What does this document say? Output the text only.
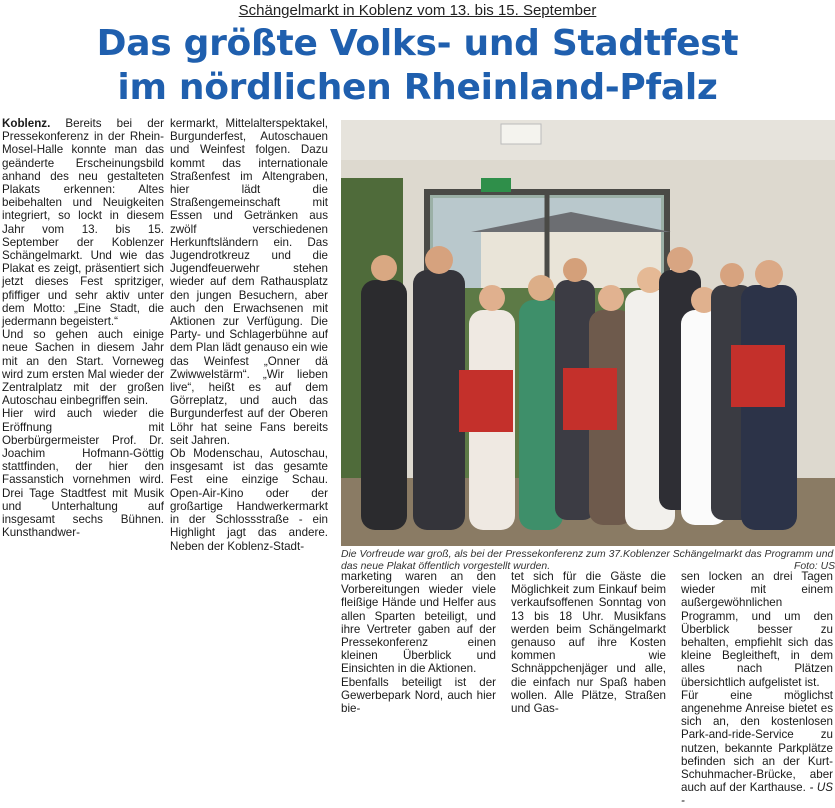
Schängelmarkt in Koblenz vom 13. bis 15. September
Das größte Volks- und Stadtfest
im nördlichen Rheinland-Pfalz

Koblenz. Bereits bei der Pressekonferenz in der Rhein-Mosel-Halle konnte man das geänderte Erscheinungsbild anhand des neu gestalteten Plakats erkennen: Altes beibehalten und Neuigkeiten integriert, so lockt in diesem Jahr vom 13. bis 15. September der Koblenzer Schängelmarkt. Und wie das Plakat es zeigt, präsentiert sich jetzt dieses Fest spritziger, pfiffiger und sehr aktiv unter dem Motto: „Eine Stadt, die jedermann begeistert.“

Und so gehen auch einige neue Sachen in diesem Jahr mit an den Start. Vorneweg wird zum ersten Mal wieder der Zentralplatz mit der großen Autoschau einbegriffen sein.

Hier wird auch wieder die Eröffnung mit Oberbürgermeister Prof. Dr. Joachim Hofmann-Göttig stattfinden, der hier den Fassanstich vornehmen wird. Drei Tage Stadtfest mit Musik und Unterhaltung auf insgesamt sechs Bühnen. Kunsthandwer-

kermarkt, Mittelalterspektakel, Burgunderfest, Autoschauen und Weinfest folgen. Dazu kommt das internationale Straßenfest im Altengraben, hier lädt die Straßengemeinschaft mit Essen und Getränken aus zwölf verschiedenen Herkunftsländern ein. Das Jugendrotkreuz und die Jugendfeuerwehr stehen wieder auf dem Rathausplatz den jungen Besuchern, aber auch den Erwachsenen mit Aktionen zur Verfügung. Die Party- und Schlagerbühne auf dem Plan lädt genauso ein wie das Weinfest „Onner dä Zwiwwelstärm“. „Wir lieben live“, heißt es auf dem Görreplatz, und auch das Burgunderfest auf der Oberen Löhr hat seine Fans bereits seit Jahren.

Ob Modenschau, Autoschau, insgesamt ist das gesamte Fest eine einzige Schau. Open-Air-Kino oder der großartige Handwerkermarkt in der Schlossstraße - ein Highlight jagt das andere. Neben der Koblenz-Stadt-

Die Vorfreude war groß, als bei der Pressekonferenz zum 37.Koblenzer Schängelmarkt das Programm und das neue Plakat öffentlich vorgestellt wurden.	Foto: US

marketing waren an den Vorbereitungen wieder viele fleißige Hände und Helfer aus allen Sparten beteiligt, und ihre Vertreter gaben auf der Pressekonferenz einen kleinen Überblick und Einsichten in die Aktionen.

Ebenfalls beteiligt ist der Gewerbepark Nord, auch hier bie-

tet sich für die Gäste die Möglichkeit zum Einkauf beim verkaufsoffenen Sonntag von 13 bis 18 Uhr. Musikfans werden beim Schängelmarkt genauso auf ihre Kosten kommen wie Schnäppchenjäger und alle, die einfach nur Spaß haben wollen. Alle Plätze, Straßen und Gas-

sen locken an drei Tagen wieder mit einem außergewöhnlichen Programm, und um den Überblick besser zu behalten, empfiehlt sich das kleine Begleitheft, in dem alles nach Plätzen übersichtlich aufgelistet ist.

Für eine möglichst angenehme Anreise bietet es sich an, den kostenlosen Park-and-ride-Service zu nutzen, bekannte Parkplätze befinden sich an der Kurt-Schuhmacher-Brücke, aber auch auf der Karthause. - US -
